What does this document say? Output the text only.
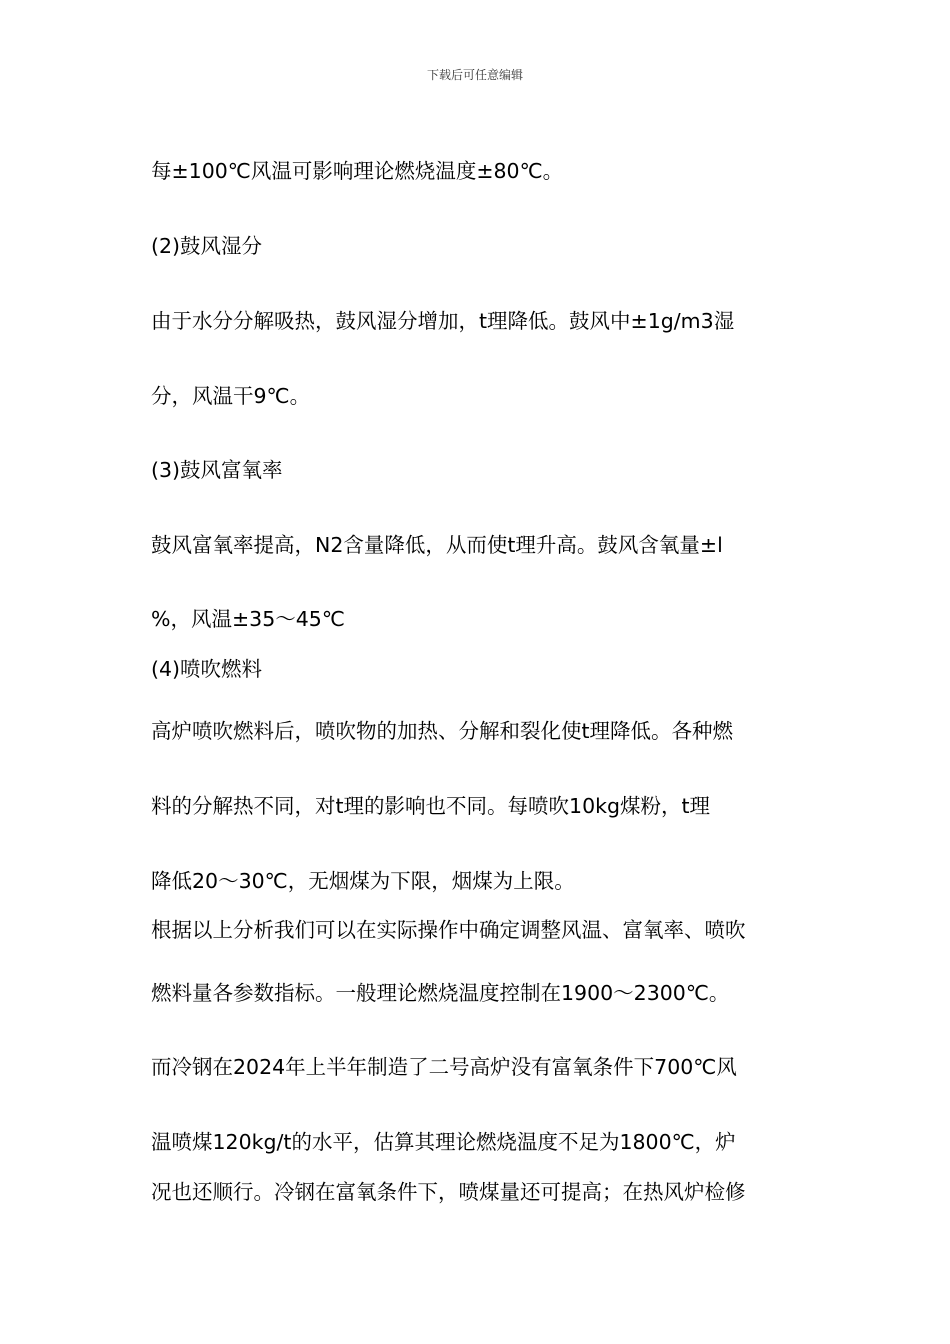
下载后可任意编辑
每±100℃风温可影响理论燃烧温度±80℃。
(2)鼓风湿分
由于水分分解吸热，鼓风湿分增加，t理降低。鼓风中±1g/m3湿
分，风温干9℃。
(3)鼓风富氧率
鼓风富氧率提高，N2含量降低，从而使t理升高。鼓风含氧量±l
%，风温±35～45℃
(4)喷吹燃料
高炉喷吹燃料后，喷吹物的加热、分解和裂化使t理降低。各种燃
料的分解热不同，对t理的影响也不同。每喷吹10kg煤粉，t理
降低20～30℃，无烟煤为下限，烟煤为上限。
根据以上分析我们可以在实际操作中确定调整风温、富氧率、喷吹
燃料量各参数指标。一般理论燃烧温度控制在1900～2300℃。
而冷钢在2024年上半年制造了二号高炉没有富氧条件下700℃风
温喷煤120kg/t的水平，估算其理论燃烧温度不足为1800℃，炉
况也还顺行。冷钢在富氧条件下，喷煤量还可提高；在热风炉检修
